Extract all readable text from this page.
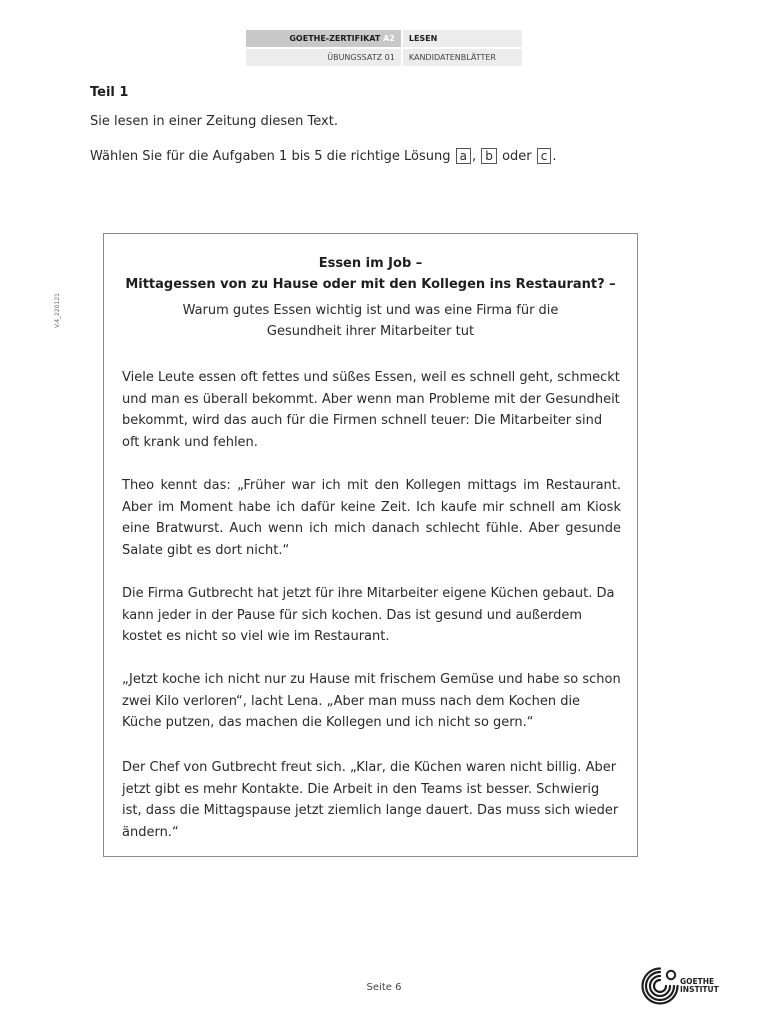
GOETHE-ZERTIFIKAT A2	LESEN
ÜBUNGSSATZ 01	KANDIDATENBLÄTTER
V.4_220121
Teil 1
Sie lesen in einer Zeitung diesen Text.
Wählen Sie für die Aufgaben 1 bis 5 die richtige Lösung a , b oder c .
Essen im Job –
Mittagessen von zu Hause oder mit den Kollegen ins Restaurant? –
Warum gutes Essen wichtig ist und was eine Firma für die Gesundheit ihrer Mitarbeiter tut
Viele Leute essen oft fettes und süßes Essen, weil es schnell geht, schmeckt und man es überall bekommt. Aber wenn man Probleme mit der Gesundheit bekommt, wird das auch für die Firmen schnell teuer: Die Mitarbeiter sind oft krank und fehlen.
Theo kennt das: „Früher war ich mit den Kollegen mittags im Restaurant. Aber im Moment habe ich dafür keine Zeit. Ich kaufe mir schnell am Kiosk eine Bratwurst. Auch wenn ich mich danach schlecht fühle. Aber gesunde Salate gibt es dort nicht.“
Die Firma Gutbrecht hat jetzt für ihre Mitarbeiter eigene Küchen gebaut. Da kann jeder in der Pause für sich kochen. Das ist gesund und außerdem kostet es nicht so viel wie im Restaurant.
„Jetzt koche ich nicht nur zu Hause mit frischem Gemüse und habe so schon zwei Kilo verloren“, lacht Lena. „Aber man muss nach dem Kochen die Küche putzen, das machen die Kollegen und ich nicht so gern.“
Der Chef von Gutbrecht freut sich. „Klar, die Küchen waren nicht billig. Aber jetzt gibt es mehr Kontakte. Die Arbeit in den Teams ist besser. Schwierig ist, dass die Mittagspause jetzt ziemlich lange dauert. Das muss sich wieder ändern.“
Seite 6
GOETHE
INSTITUT
